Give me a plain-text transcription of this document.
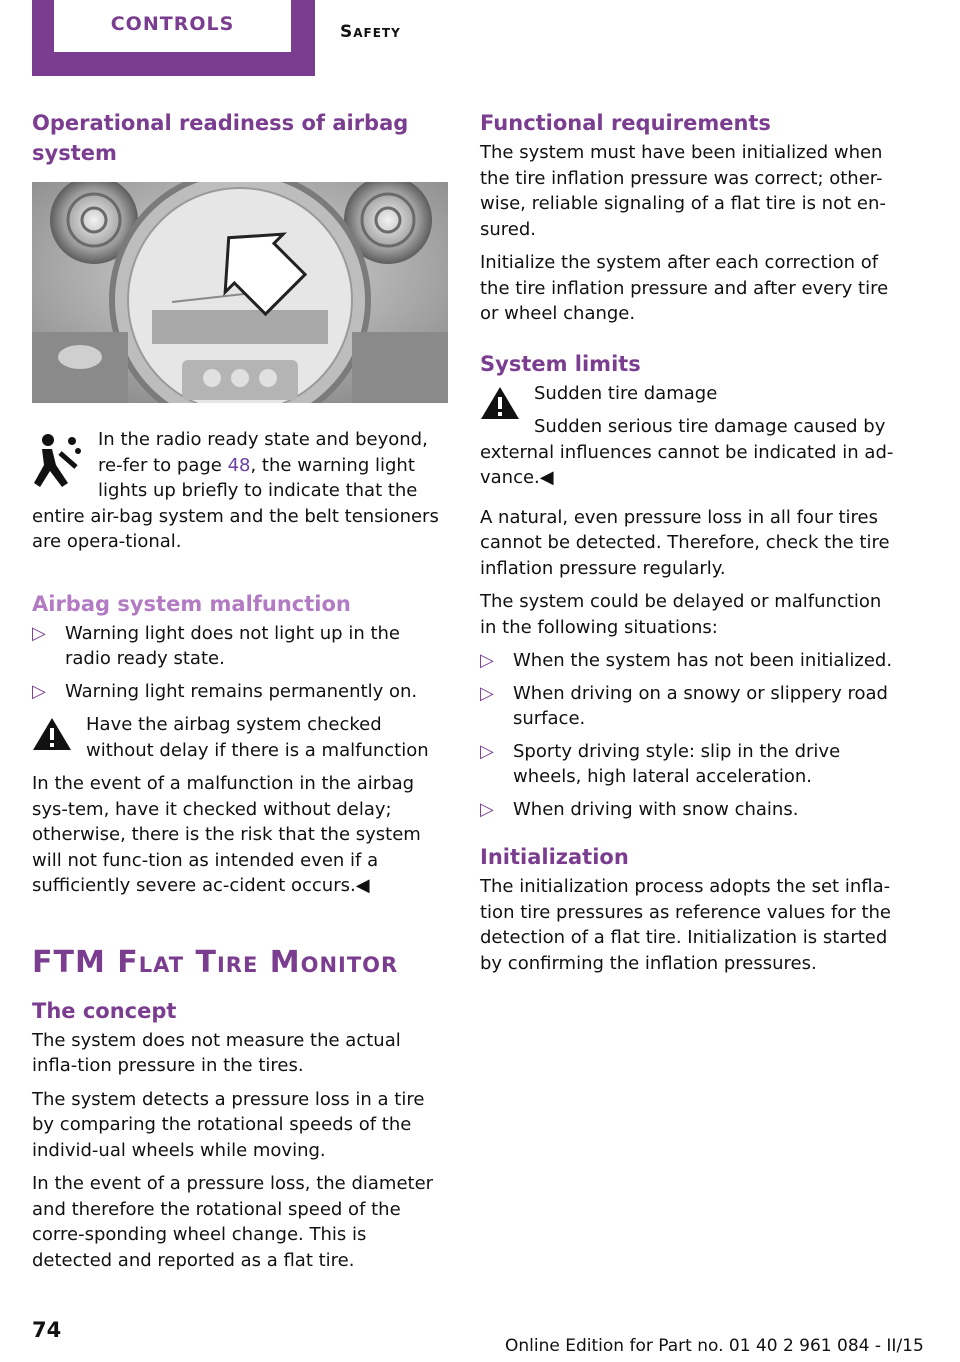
CONTROLS	Safety
Operational readiness of airbag system

In the radio ready state and beyond, re-fer to page 48, the warning light lights up briefly to indicate that the entire air-bag system and the belt tensioners are opera-tional.

Airbag system malfunction
▷ Warning light does not light up in the radio ready state.
▷ Warning light remains permanently on.

Have the airbag system checked without delay if there is a malfunction

In the event of a malfunction in the airbag sys-tem, have it checked without delay; otherwise, there is the risk that the system will not func-tion as intended even if a sufficiently severe ac-cident occurs.◀

FTM Flat Tire Monitor
The concept

The system does not measure the actual infla-tion pressure in the tires.

The system detects a pressure loss in a tire by comparing the rotational speeds of the individ-ual wheels while moving.

In the event of a pressure loss, the diameter and therefore the rotational speed of the corre-sponding wheel change. This is detected and reported as a flat tire.

Functional requirements

The system must have been initialized when the tire inflation pressure was correct; other-wise, reliable signaling of a flat tire is not en-sured.

Initialize the system after each correction of the tire inflation pressure and after every tire or wheel change.

System limits

Sudden tire damage

Sudden serious tire damage caused by external influences cannot be indicated in ad-vance.◀

A natural, even pressure loss in all four tires cannot be detected. Therefore, check the tire inflation pressure regularly.

The system could be delayed or malfunction in the following situations:

▷ When the system has not been initialized.
▷ When driving on a snowy or slippery road surface.
▷ Sporty driving style: slip in the drive wheels, high lateral acceleration.
▷ When driving with snow chains.
Initialization

The initialization process adopts the set infla-tion tire pressures as reference values for the detection of a flat tire. Initialization is started by confirming the inflation pressures.

74
Online Edition for Part no. 01 40 2 961 084 - II/15
